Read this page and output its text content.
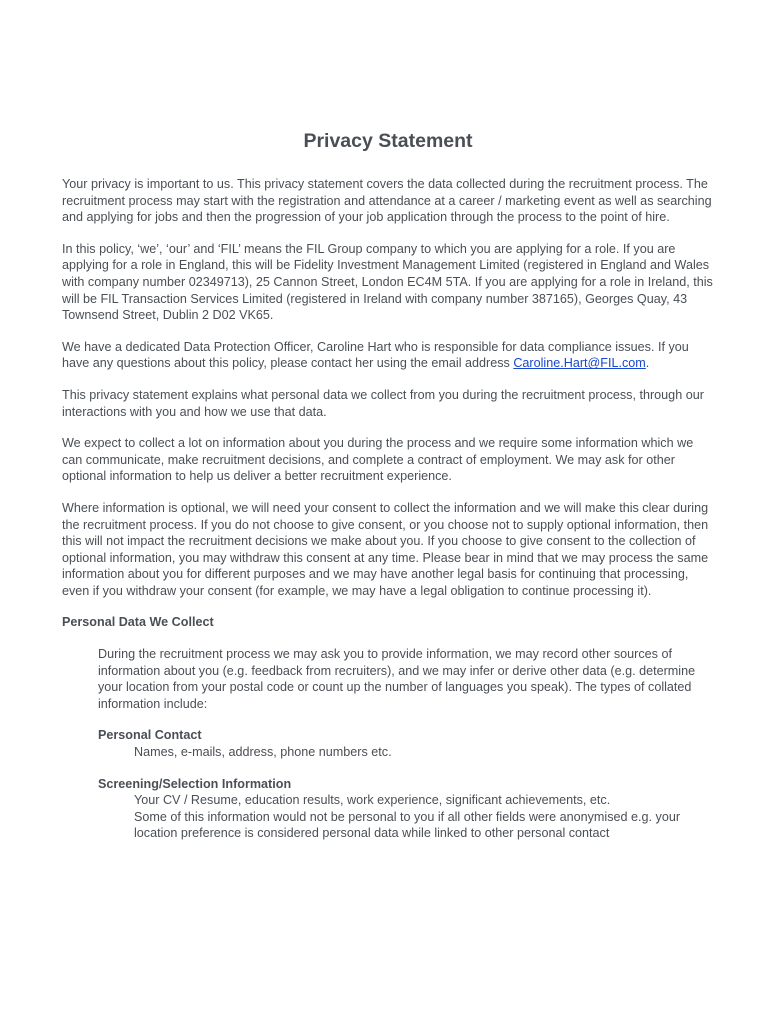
Privacy Statement

Your privacy is important to us. This privacy statement covers the data collected during the recruitment process. The recruitment process may start with the registration and attendance at a career / marketing event as well as searching and applying for jobs and then the progression of your job application through the process to the point of hire.

In this policy, ‘we’, ‘our’ and ‘FIL’ means the FIL Group company to which you are applying for a role. If you are applying for a role in England, this will be Fidelity Investment Management Limited (registered in England and Wales with company number 02349713), 25 Cannon Street, London EC4M 5TA. If you are applying for a role in Ireland, this will be FIL Transaction Services Limited (registered in Ireland with company number 387165), Georges Quay, 43 Townsend Street, Dublin 2 D02 VK65.

We have a dedicated Data Protection Officer, Caroline Hart who is responsible for data compliance issues. If you have any questions about this policy, please contact her using the email address Caroline.Hart@FIL.com.

This privacy statement explains what personal data we collect from you during the recruitment process, through our interactions with you and how we use that data.

We expect to collect a lot on information about you during the process and we require some information which we can communicate, make recruitment decisions, and complete a contract of employment. We may ask for other optional information to help us deliver a better recruitment experience.

Where information is optional, we will need your consent to collect the information and we will make this clear during the recruitment process. If you do not choose to give consent, or you choose not to supply optional information, then this will not impact the recruitment decisions we make about you. If you choose to give consent to the collection of optional information, you may withdraw this consent at any time. Please bear in mind that we may process the same information about you for different purposes and we may have another legal basis for continuing that processing, even if you withdraw your consent (for example, we may have a legal obligation to continue processing it).

Personal Data We Collect

During the recruitment process we may ask you to provide information, we may record other sources of information about you (e.g. feedback from recruiters), and we may infer or derive other data (e.g. determine your location from your postal code or count up the number of languages you speak). The types of collated information include:

Personal Contact
Names, e-mails, address, phone numbers etc.
Screening/Selection Information
Your CV / Resume, education results, work experience, significant achievements, etc.
Some of this information would not be personal to you if all other fields were anonymised e.g. your location preference is considered personal data while linked to other personal contact
